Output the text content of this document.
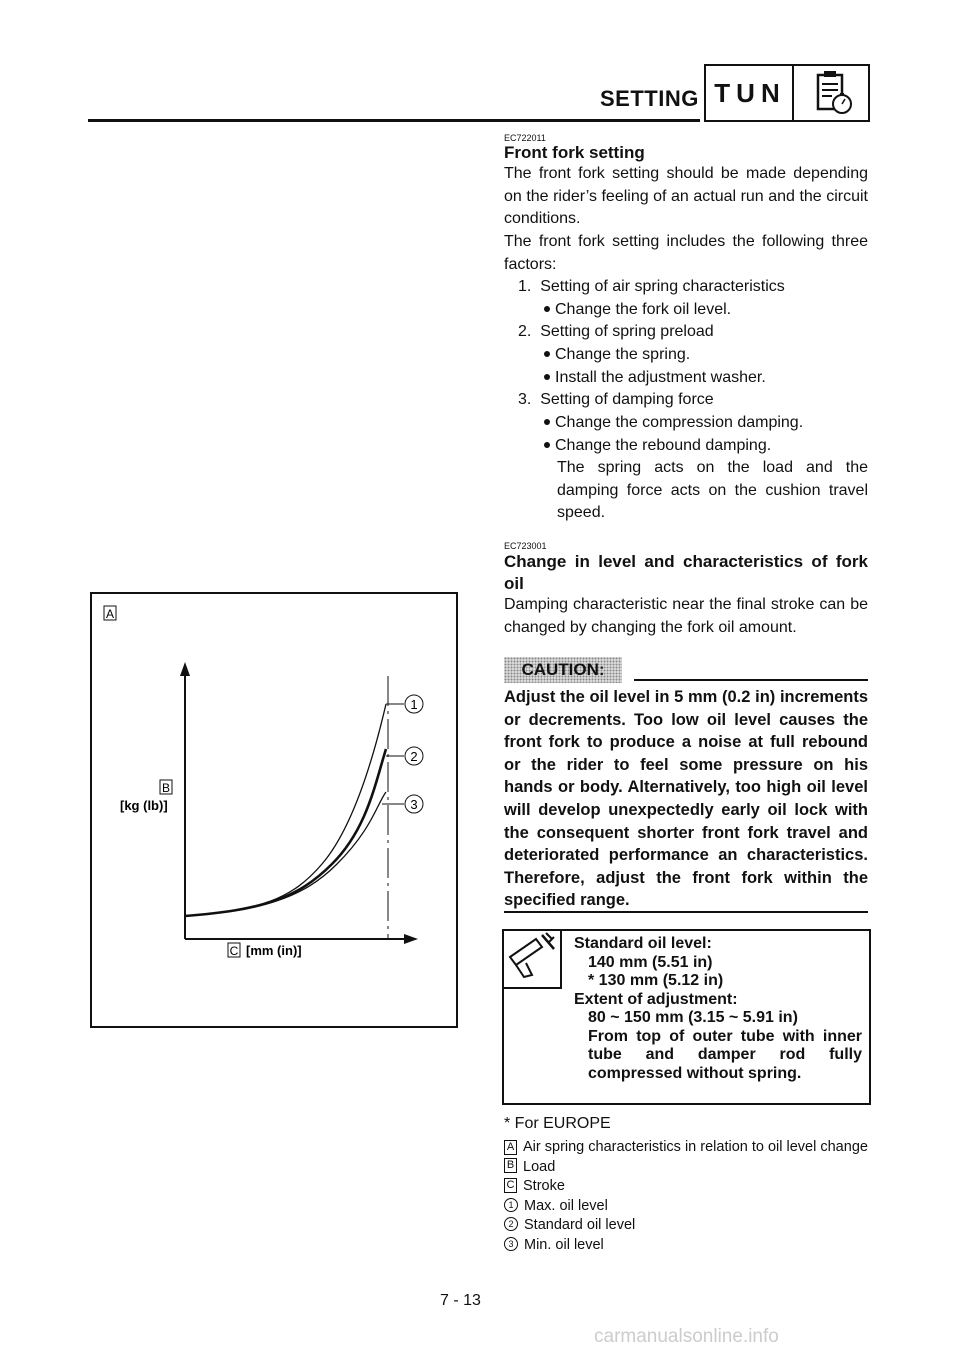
SETTING TUN
EC722011
Front fork setting
The front fork setting should be made depending on the rider’s feeling of an actual run and the circuit conditions.
The front fork setting includes the following three factors:
1. Setting of air spring characteristics
Change the fork oil level.
2. Setting of spring preload
Change the spring.
Install the adjustment washer.
3. Setting of damping force
Change the compression damping.
Change the rebound damping.
The spring acts on the load and the damping force acts on the cushion travel speed.
EC723001
Change in level and characteristics of fork oil
Damping characteristic near the final stroke can be changed by changing the fork oil amount.
CAUTION:
Adjust the oil level in 5 mm (0.2 in) increments or decrements. Too low oil level causes the front fork to produce a noise at full rebound or the rider to feel some pressure on his hands or body. Alternatively, too high oil level will develop unexpectedly early oil lock with the consequent shorter front fork travel and deteriorated performance an characteristics. Therefore, adjust the front fork within the specified range.
Standard oil level:
140 mm (5.51 in)
* 130 mm (5.12 in)
Extent of adjustment:
80 ~ 150 mm (3.15 ~ 5.91 in)
From top of outer tube with inner tube and damper rod fully compressed without spring.
* For EUROPE
A Air spring characteristics in relation to oil level change
B Load
C Stroke
1 Max. oil level
2 Standard oil level
3 Min. oil level
A
1
2
3
B
[kg (lb)]
C [mm (in)]
7 - 13
carmanualsonline.info
